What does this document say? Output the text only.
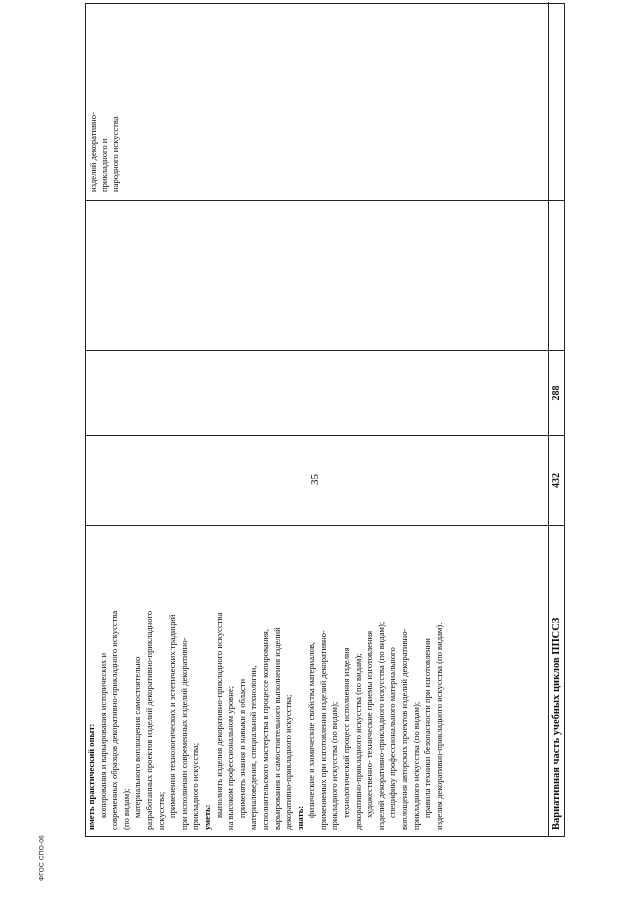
35

иметь практический опыт: копирования и варьирования исторических и современных образцов декоративно-прикладного искусства (по видам); материального воплощения самостоятельно разработанных проектов изделий декоративно-прикладного искусства; применения технологических и эстетических традиций при исполнении современных изделий декоративно- прикладного искусства; уметь: выполнять изделия декоративно-прикладного искусства на высоком профессиональном уровне; применять знания и навыки в области материаловедения, специальной технологии, исполнительского мастерства в процессе копирования, варьирования и самостоятельного выполнения изделий декоративно-прикладного искусства; знать: физические и химические свойства материалов, применяемых при изготовлении изделий декоративно- прикладного искусства (по видам); технологический процесс исполнения изделия декоративно-прикладного искусства (по видам); художественно- технические приемы изготовления изделий декоративно-прикладного искусства (по видам); специфику профессионального материального воплощения авторских проектов изделий декоративно- прикладного искусства (по видам); правила техники безопасности при изготовлении изделия декоративно-прикладного искусства (по видам).	Вариативная часть учебных циклов ППССЗ
432
288

изделий декоративно- прикладного и народного искусства

ФГОС СПО-06
